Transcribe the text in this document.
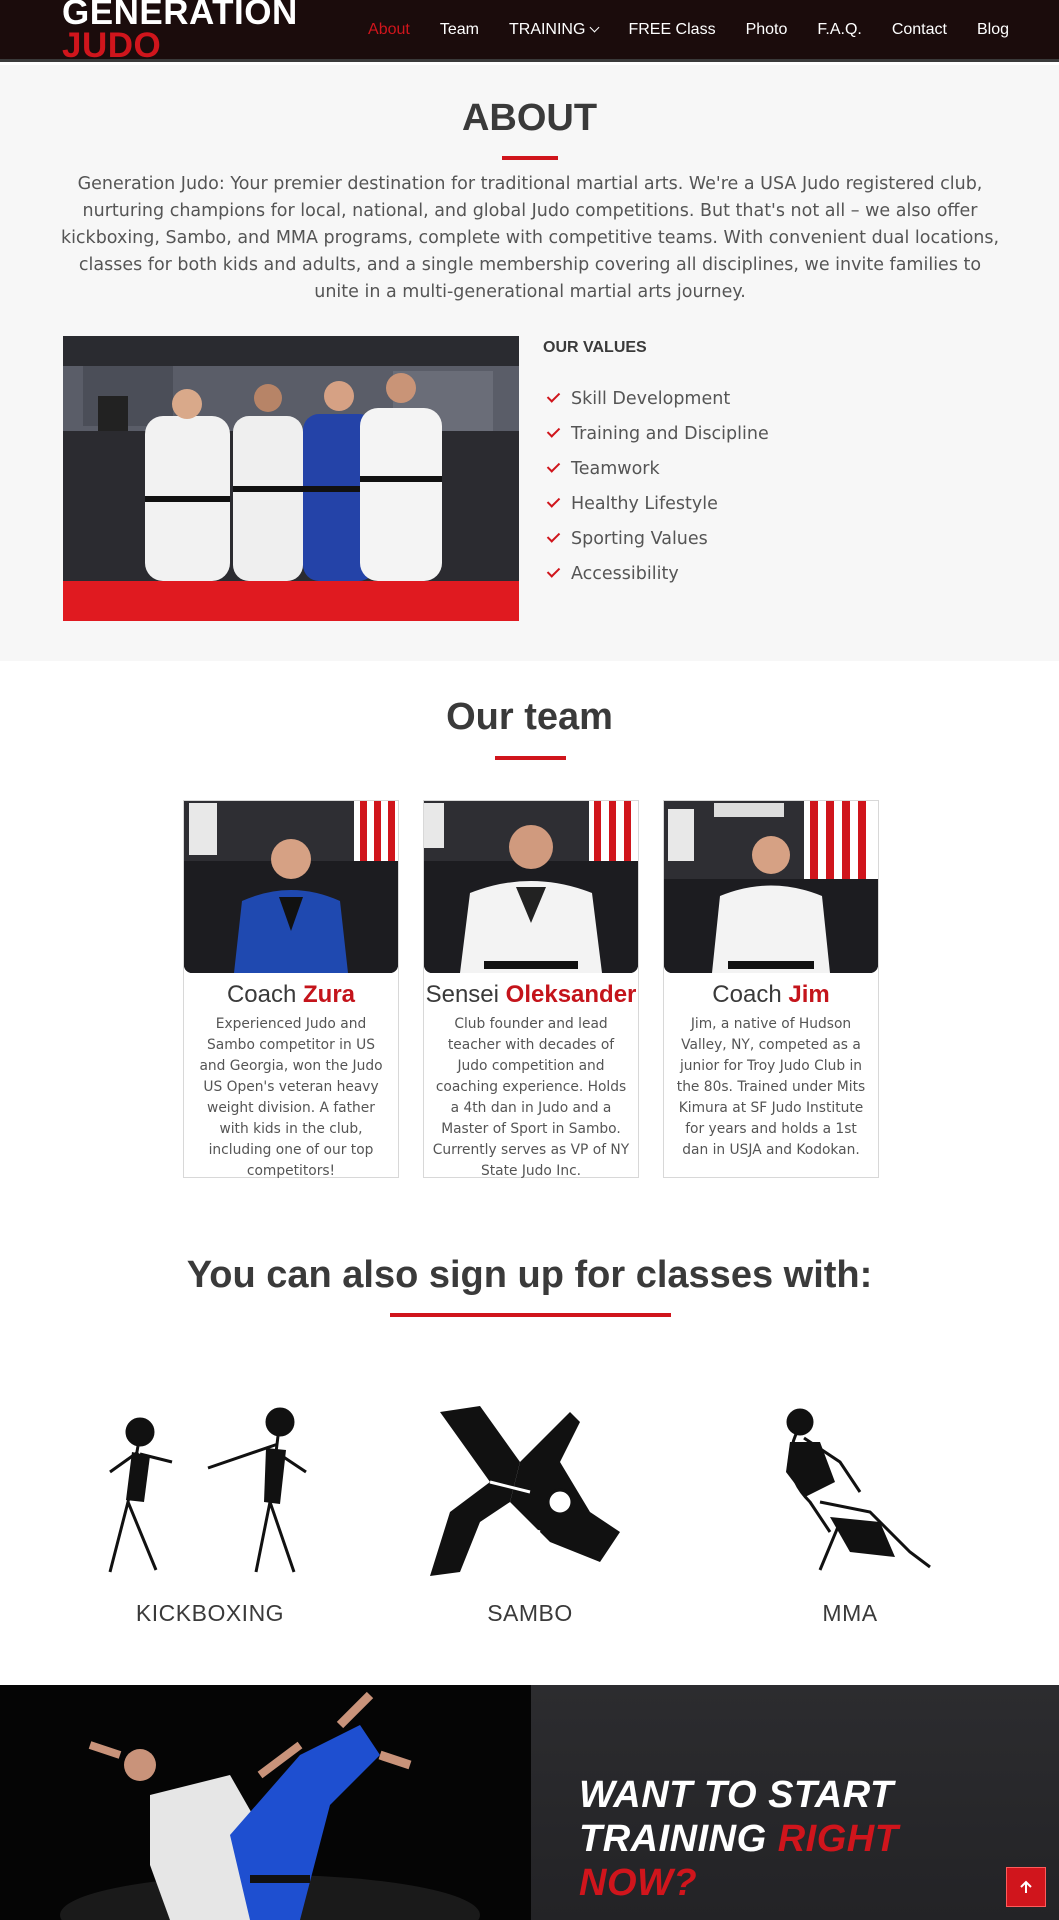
GENERATION
JUDO	About Team TRAINING	FREE Class Photo F.A.Q. Contact Blog
ABOUT

Generation Judo: Your premier destination for traditional martial arts. We're a USA Judo registered club, nurturing champions for local, national, and global Judo competitions. But that's not all – we also offer kickboxing, Sambo, and MMA programs, complete with competitive teams. With convenient dual locations, classes for both kids and adults, and a single membership covering all disciplines, we invite families to unite in a multi-generational martial arts journey.

OUR VALUES
Skill Development
Training and Discipline
Teamwork
Healthy Lifestyle
Sporting Values
Accessibility
Our team
Coach Zura

Experienced Judo and Sambo competitor in US and Georgia, won the Judo US Open's veteran heavy weight division. A father with kids in the club, including one of our top competitors!

Sensei Oleksander

Club founder and lead teacher with decades of Judo competition and coaching experience. Holds a 4th dan in Judo and a Master of Sport in Sambo. Currently serves as VP of NY State Judo Inc.

Coach Jim

Jim, a native of Hudson Valley, NY, competed as a junior for Troy Judo Club in the 80s. Trained under Mits Kimura at SF Judo Institute for years and holds a 1st dan in USJA and Kodokan.

You can also sign up for classes with:
KICKBOXING	SAMBO	MMA
WANT TO START
TRAINING RIGHT
NOW?
